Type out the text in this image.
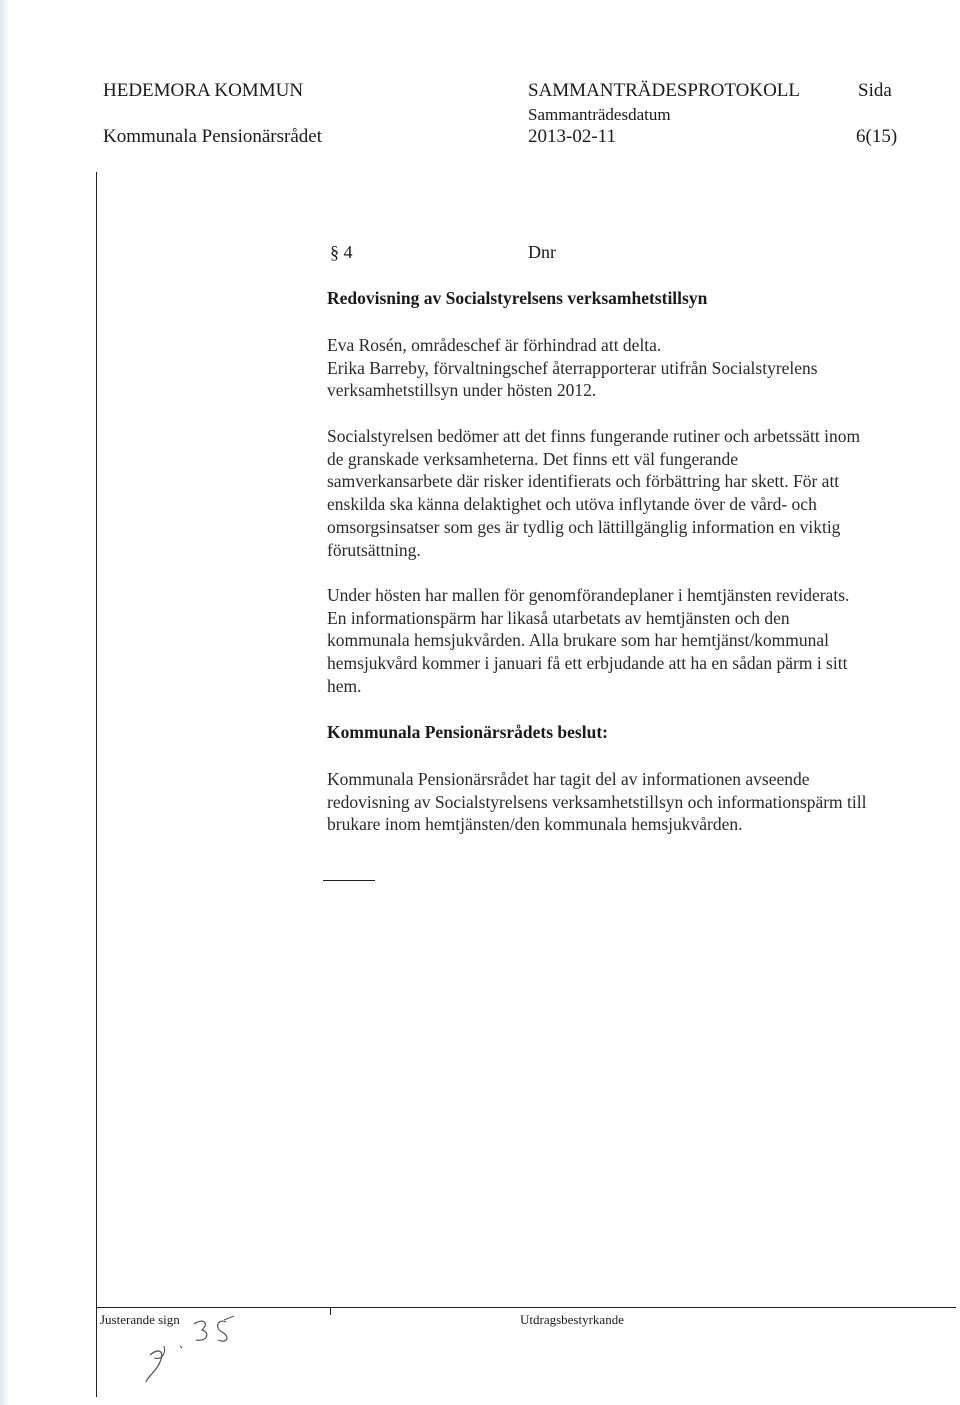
HEDEMORA KOMMUN	SAMMANTRÄDESPROTOKOLL	Sida
Sammanträdesdatum
Kommunala Pensionärsrådet	2013-02-11	6(15)
§ 4	Dnr
Redovisning av Socialstyrelsens verksamhetstillsyn
Eva Rosén, områdeschef är förhindrad att delta.
Erika Barreby, förvaltningschef återrapporterar utifrån Socialstyrelens
verksamhetstillsyn under hösten 2012.
Socialstyrelsen bedömer att det finns fungerande rutiner och arbetssätt inom
de granskade verksamheterna. Det finns ett väl fungerande
samverkansarbete där risker identifierats och förbättring har skett. För att
enskilda ska känna delaktighet och utöva inflytande över de vård- och
omsorgsinsatser som ges är tydlig och lättillgänglig information en viktig
förutsättning.
Under hösten har mallen för genomförandeplaner i hemtjänsten reviderats.
En informationspärm har likaså utarbetats av hemtjänsten och den
kommunala hemsjukvården. Alla brukare som har hemtjänst/kommunal
hemsjukvård kommer i januari få ett erbjudande att ha en sådan pärm i sitt
hem.
Kommunala Pensionärsrådets beslut:
Kommunala Pensionärsrådet har tagit del av informationen avseende
redovisning av Socialstyrelsens verksamhetstillsyn och informationspärm till
brukare inom hemtjänsten/den kommunala hemsjukvården.
Justerande sign	Utdragsbestyrkande
